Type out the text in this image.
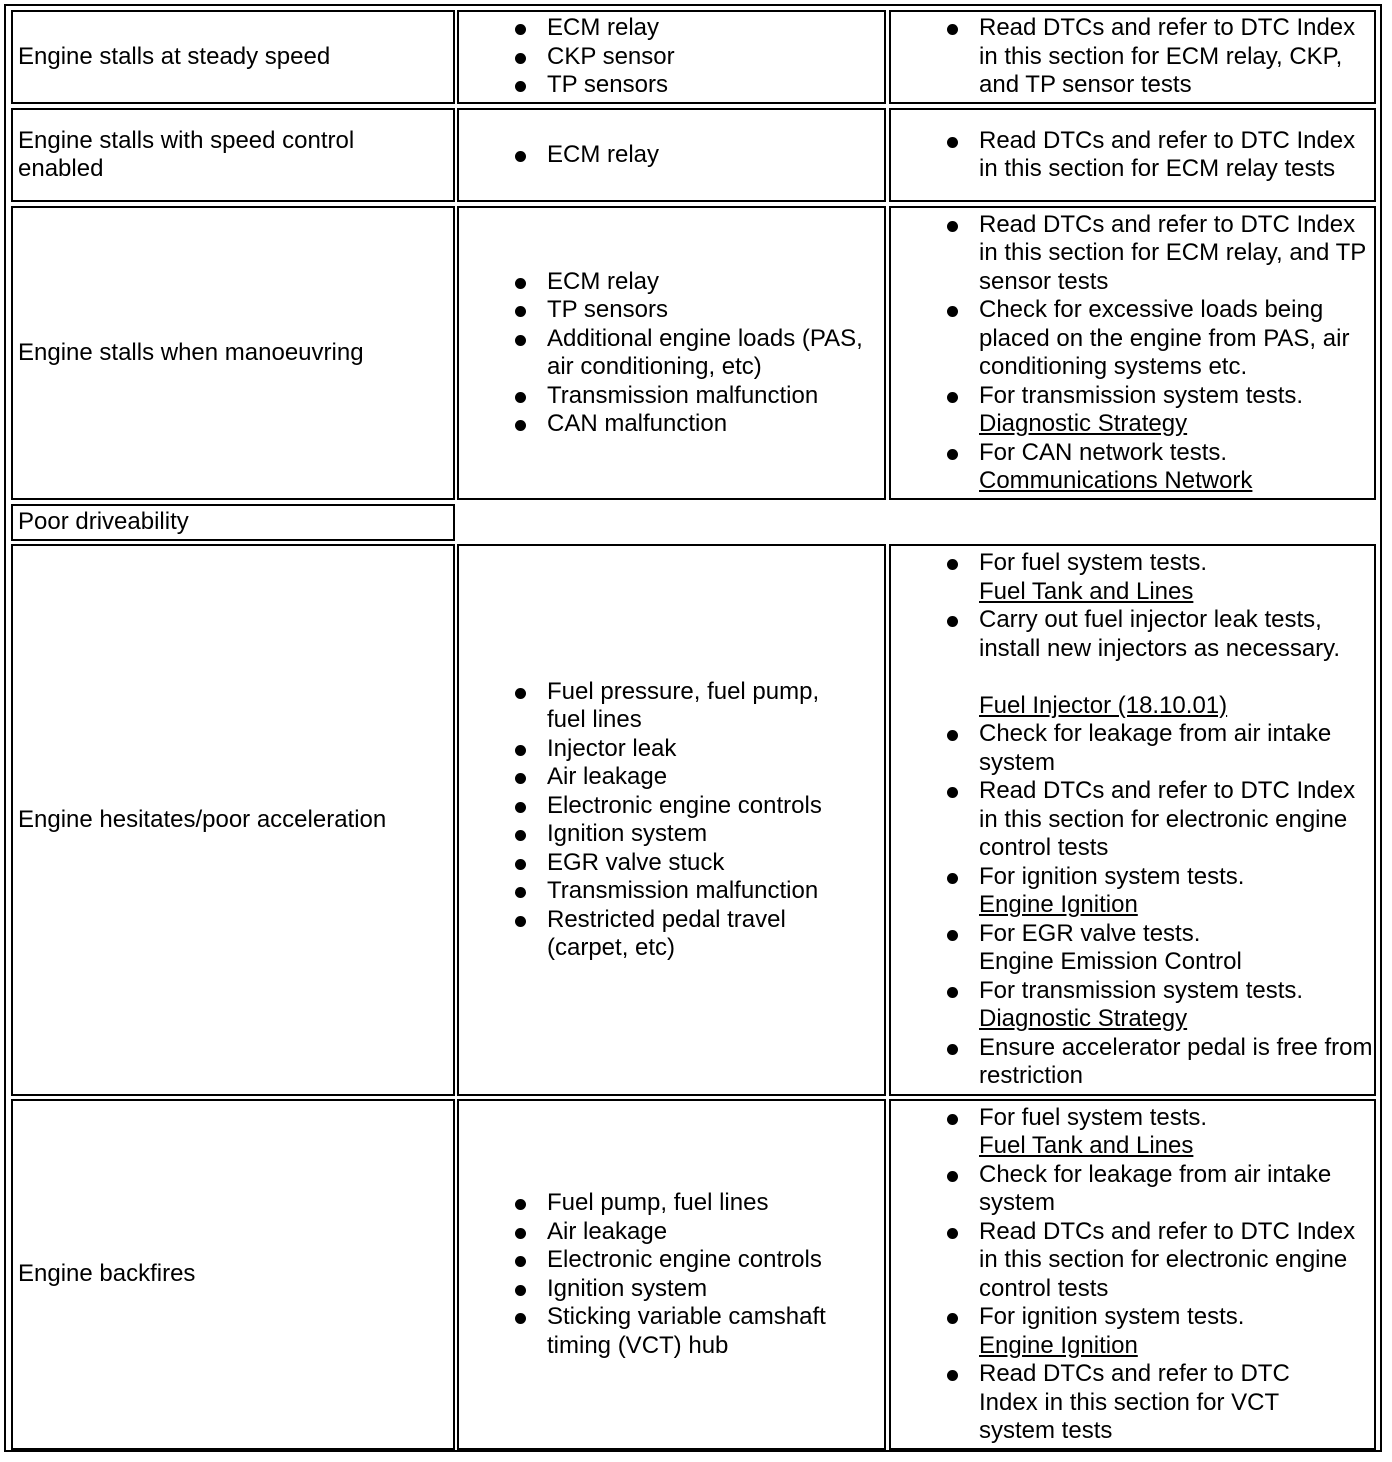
Engine stalls at steady speed
ECM relay
CKP sensor
TP sensors
Read DTCs and refer to DTC Index in this section for ECM relay, CKP, and TP sensor tests
Engine stalls with speed control enabled
ECM relay
Read DTCs and refer to DTC Index in this section for ECM relay tests
Engine stalls when manoeuvring
ECM relay
TP sensors
Additional engine loads (PAS, air conditioning, etc)
Transmission malfunction
CAN malfunction
Read DTCs and refer to DTC Index in this section for ECM relay, and TP sensor tests
Check for excessive loads being placed on the engine from PAS, air conditioning systems etc.
For transmission system tests.
Diagnostic Strategy
For CAN network tests.
Communications Network
Poor driveability
Engine hesitates/poor acceleration
Fuel pressure, fuel pump, fuel lines
Injector leak
Air leakage
Electronic engine controls
Ignition system
EGR valve stuck
Transmission malfunction
Restricted pedal travel (carpet, etc)
For fuel system tests.
Fuel Tank and Lines
Carry out fuel injector leak tests, install new injectors as necessary.

Fuel Injector (18.10.01)
Check for leakage from air intake system
Read DTCs and refer to DTC Index in this section for electronic engine control tests
For ignition system tests.
Engine Ignition
For EGR valve tests.
Engine Emission Control
For transmission system tests.
Diagnostic Strategy
Ensure accelerator pedal is free from restriction
Engine backfires
Fuel pump, fuel lines
Air leakage
Electronic engine controls
Ignition system
Sticking variable camshaft timing (VCT) hub
For fuel system tests.
Fuel Tank and Lines
Check for leakage from air intake system
Read DTCs and refer to DTC Index in this section for electronic engine control tests
For ignition system tests.
Engine Ignition
Read DTCs and refer to DTC Index in this section for VCT system tests
